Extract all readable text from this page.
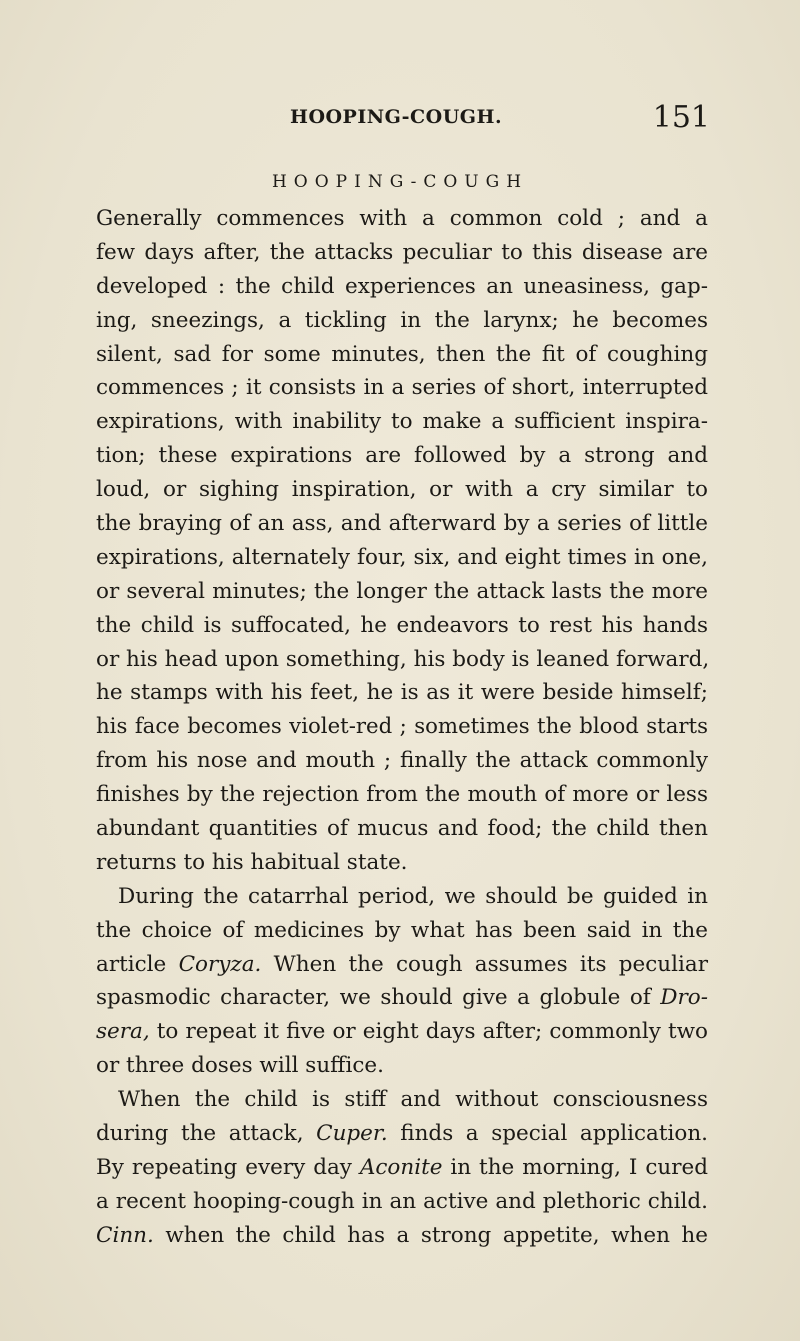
HOOPING-COUGH.	151
HOOPING-COUGH
Generally commences with a common cold ; and a
few days after, the attacks peculiar to this disease are
developed : the child experiences an uneasiness, gap-
ing, sneezings, a tickling in the larynx; he becomes
silent, sad for some minutes, then the fit of coughing
commences ; it consists in a series of short, interrupted
expirations, with inability to make a sufficient inspira-
tion; these expirations are followed by a strong and
loud, or sighing inspiration, or with a cry similar to
the braying of an ass, and afterward by a series of little
expirations, alternately four, six, and eight times in one,
or several minutes; the longer the attack lasts the more
the child is suffocated, he endeavors to rest his hands
or his head upon something, his body is leaned forward,
he stamps with his feet, he is as it were beside himself;
his face becomes violet-red ; sometimes the blood starts
from his nose and mouth ; finally the attack commonly
finishes by the rejection from the mouth of more or less
abundant quantities of mucus and food; the child then
returns to his habitual state.
During the catarrhal period, we should be guided in
the choice of medicines by what has been said in the
article Coryza. When the cough assumes its peculiar
spasmodic character, we should give a globule of Dro-
sera, to repeat it five or eight days after; commonly two
or three doses will suffice.
When the child is stiff and without consciousness
during the attack, Cuper. finds a special application.
By repeating every day Aconite in the morning, I cured
a recent hooping-cough in an active and plethoric child.
Cinn. when the child has a strong appetite, when he
